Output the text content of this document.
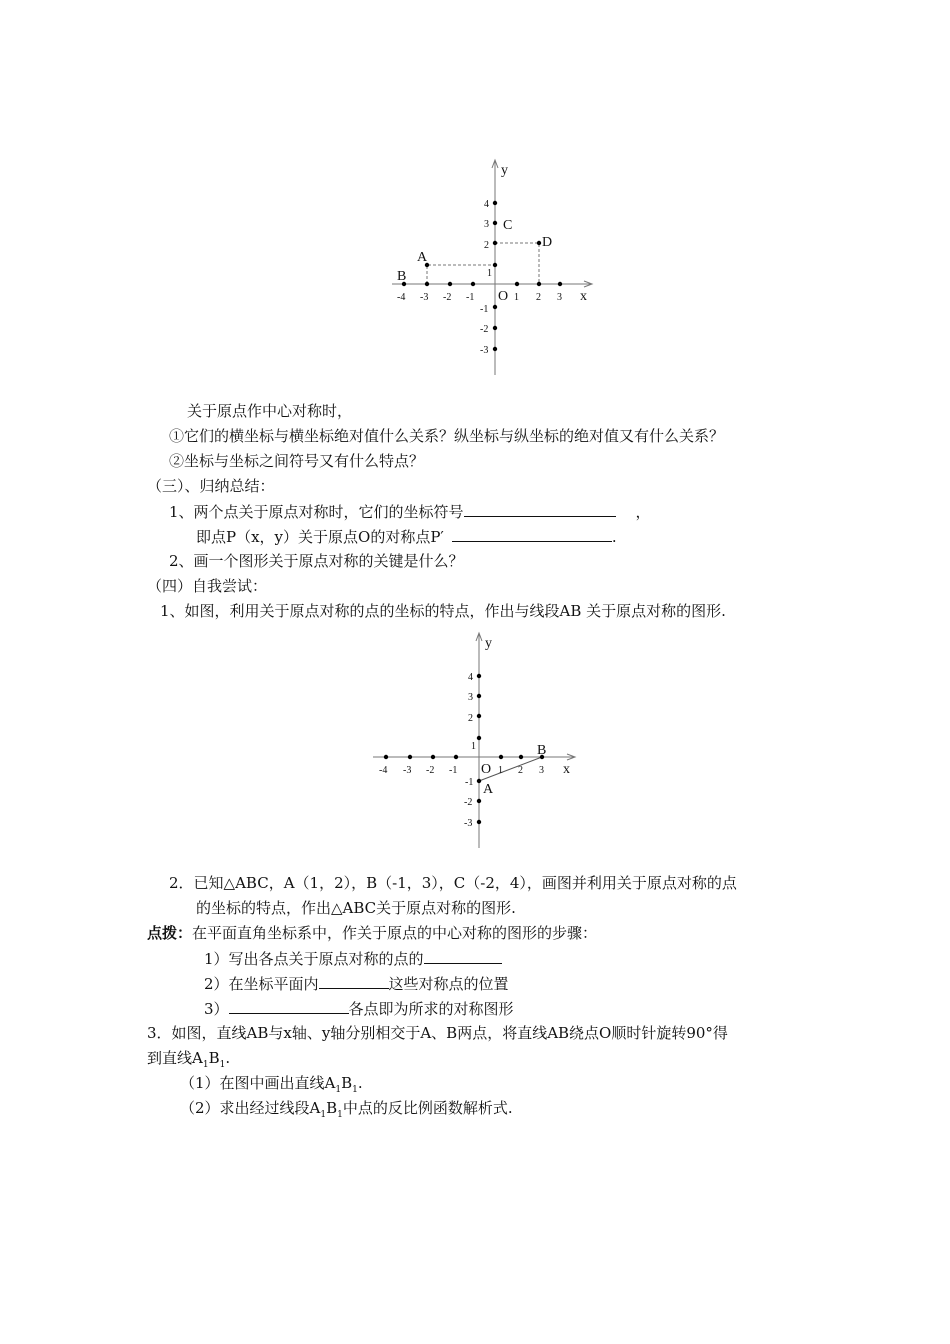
-4 -3 -2 -1	1 2 3
4
3
2
1
-1
-2
-3
x
y
O
A
B
C
D
关于原点作中心对称时，
①它们的横坐标与横坐标绝对值什么关系？纵坐标与纵坐标的绝对值又有什么关系？
②坐标与坐标之间符号又有什么特点？
（三）、归纳总结：
1、两个点关于原点对称时，它们的坐标符号	，
即点P（x，y）关于原点O的对称点P′	.
2、画一个图形关于原点对称的关键是什么？
（四）自我尝试：
1、如图，利用关于原点对称的点的坐标的特点，作出与线段AB 关于原点对称的图形.
-4 -3 -2 -1	1 2 3
4
3
2
1
-1
-2
-3
x
y
O
A
B
2．已知△ABC，A（1，2），B（-1，3），C（-2，4），画图并利用关于原点对称的点
的坐标的特点，作出△ABC关于原点对称的图形.
点拨：在平面直角坐标系中，作关于原点的中心对称的图形的步骤：
1）写出各点关于原点对称的点的
2）在坐标平面内	这些对称点的位置
3）	各点即为所求的对称图形
3．如图，直线AB与x轴、y轴分别相交于A、B两点，将直线AB绕点O顺时针旋转90°得
到直线$A_1B_1$.
（1）在图中画出直线$A_1B_1$.
（2）求出经过线段$A_1B_1$中点的反比例函数解析式.
